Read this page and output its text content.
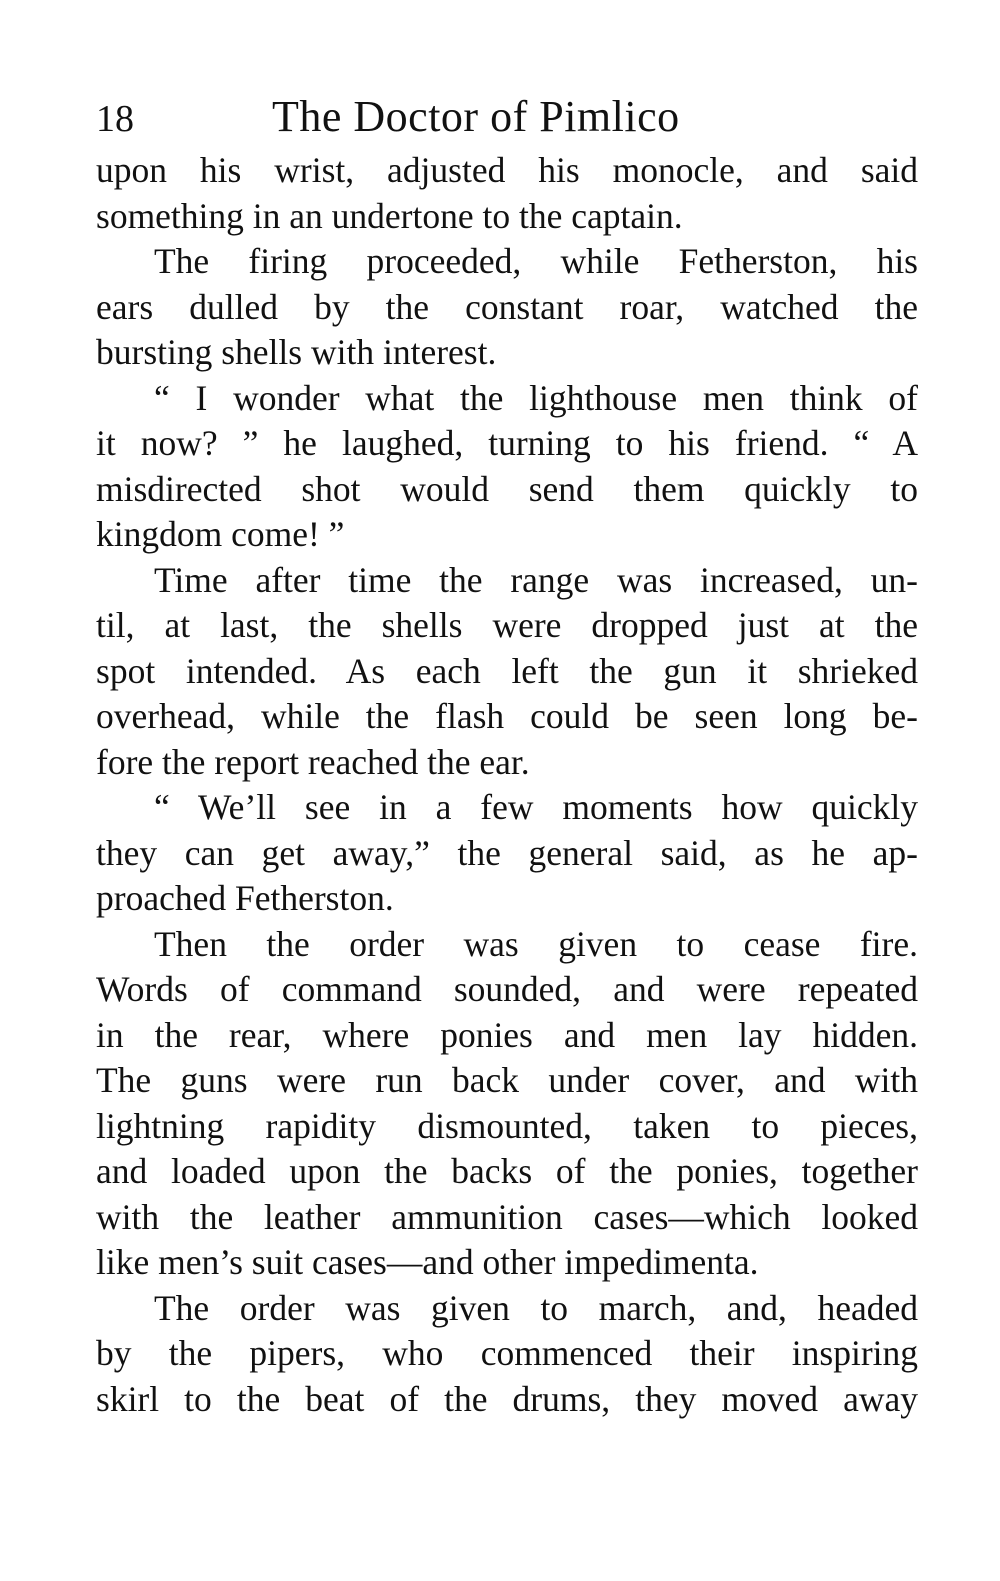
18	The Doctor of Pimlico
upon his wrist, adjusted his monocle, and said
something in an undertone to the captain.
The firing proceeded, while Fetherston, his
ears dulled by the constant roar, watched the
bursting shells with interest.
“ I wonder what the lighthouse men think of
it now? ” he laughed, turning to his friend. “ A
misdirected shot would send them quickly to
kingdom come! ”
Time after time the range was increased, un-
til, at last, the shells were dropped just at the
spot intended. As each left the gun it shrieked
overhead, while the flash could be seen long be-
fore the report reached the ear.
“ We’ll see in a few moments how quickly
they can get away,” the general said, as he ap-
proached Fetherston.
Then the order was given to cease fire.
Words of command sounded, and were repeated
in the rear, where ponies and men lay hidden.
The guns were run back under cover, and with
lightning rapidity dismounted, taken to pieces,
and loaded upon the backs of the ponies, together
with the leather ammunition cases—which looked
like men’s suit cases—and other impedimenta.
The order was given to march, and, headed
by the pipers, who commenced their inspiring
skirl to the beat of the drums, they moved away
